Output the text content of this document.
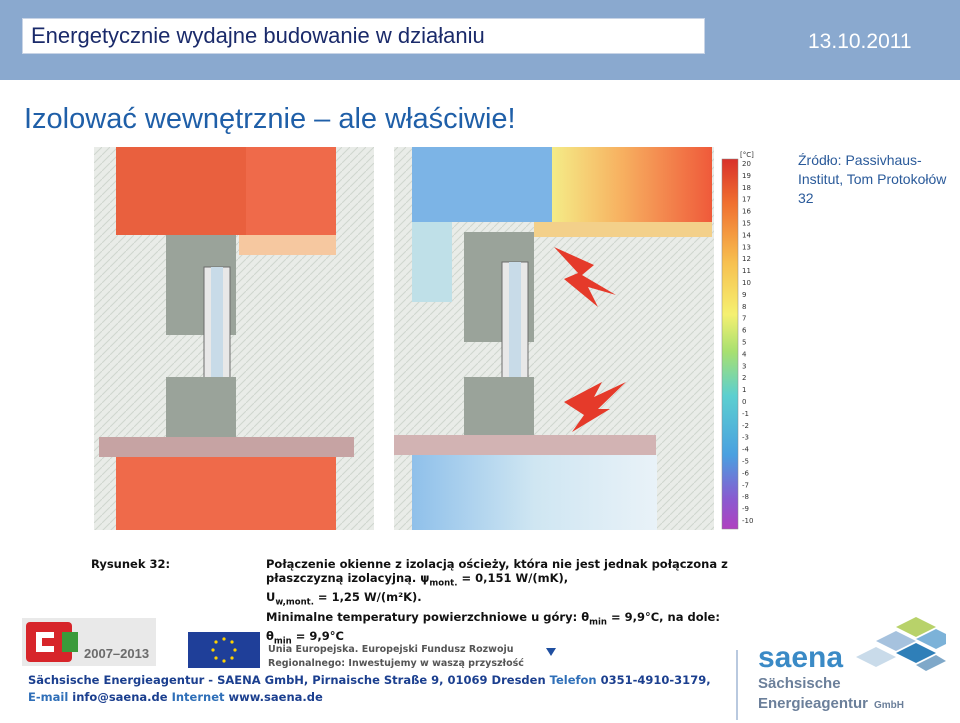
Energetycznie wydajne budowanie w działaniu	13.10.2011
Izolować wewnętrznie – ale właściwie!
Źródło: Passivhaus-Institut, Tom Protokołów 32
[°C]
20
19
18
17
16
15
14
13
12
11
10
9
8
7
6
5
4
3
2
1
0
-1
-2
-3
-4
-5
-6
-7
-8
-9
-10
Rysunek 32:	Połączenie okienne z izolacją ościeży, która nie jest jednak połączona z płaszczyzną izolacyjną. $\psi_{mont.} = 0,151$ W/(mK),
$U_{w,mont.} = 1,25$ W/(m²K).
Minimalne temperatury powierzchniowe u góry: $\theta_{min} = 9,9^\circ C$, na dole:
$\theta_{min} = 9,9^\circ C$
2007–2013	Unia Europejska. Europejski Fundusz Rozwoju
Regionalnego: Inwestujemy w waszą przyszłość	saena
Sächsische
Energieagentur GmbH
Sächsische Energieagentur - SAENA GmbH, Pirnaische Straße 9, 01069 Dresden Telefon 0351-4910-3179,
E-mail info@saena.de Internet www.saena.de
